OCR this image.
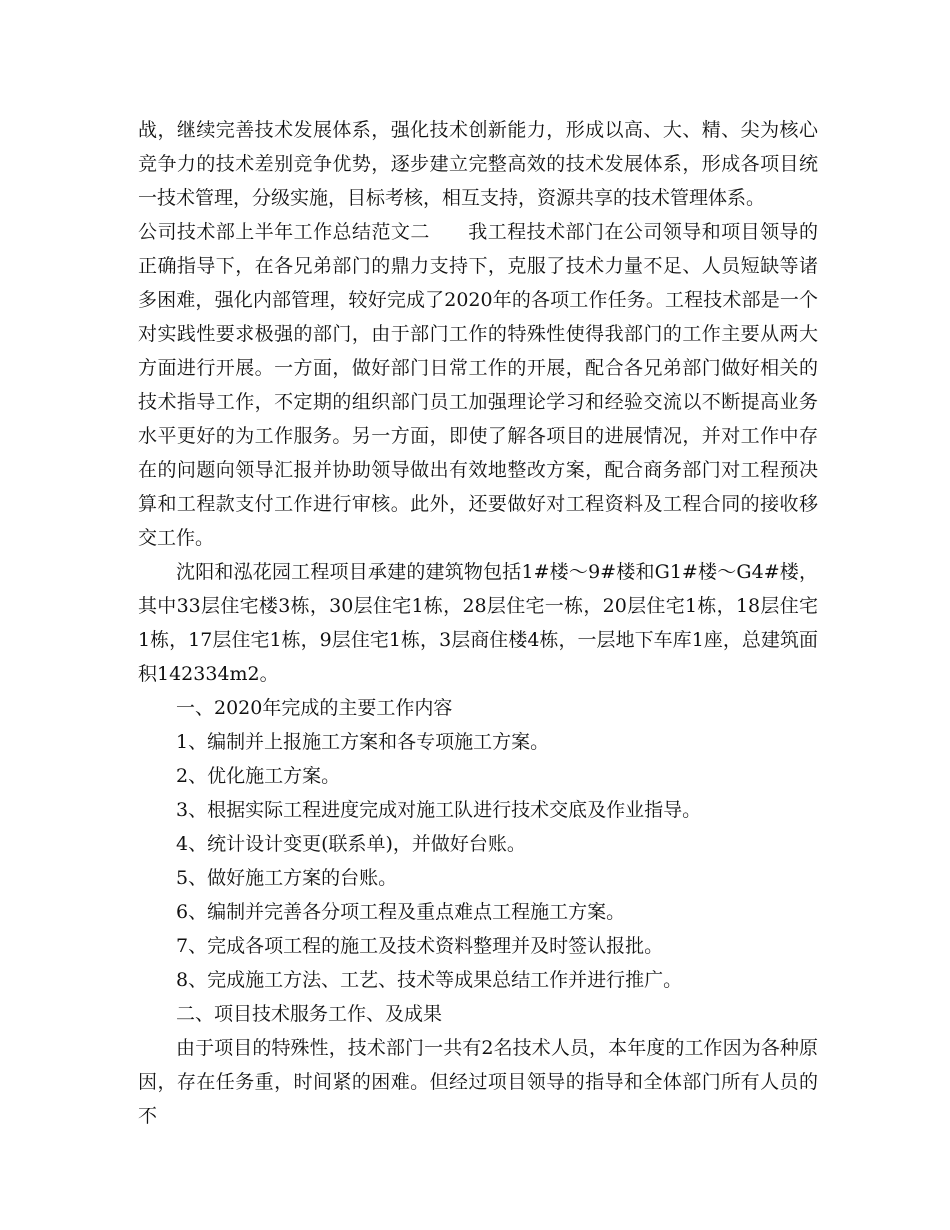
战，继续完善技术发展体系，强化技术创新能力，形成以高、大、精、尖为核心竞争力的技术差别竞争优势，逐步建立完整高效的技术发展体系，形成各项目统一技术管理，分级实施，目标考核，相互支持，资源共享的技术管理体系。

公司技术部上半年工作总结范文二 我工程技术部门在公司领导和项目领导的正确指导下，在各兄弟部门的鼎力支持下，克服了技术力量不足、人员短缺等诸多困难，强化内部管理，较好完成了2020年的各项工作任务。工程技术部是一个对实践性要求极强的部门，由于部门工作的特殊性使得我部门的工作主要从两大方面进行开展。一方面，做好部门日常工作的开展，配合各兄弟部门做好相关的技术指导工作，不定期的组织部门员工加强理论学习和经验交流以不断提高业务水平更好的为工作服务。另一方面，即使了解各项目的进展情况，并对工作中存在的问题向领导汇报并协助领导做出有效地整改方案，配合商务部门对工程预决算和工程款支付工作进行审核。此外，还要做好对工程资料及工程合同的接收移交工作。

沈阳和泓花园工程项目承建的建筑物包括1#楼～9#楼和G1#楼～G4#楼，其中33层住宅楼3栋，30层住宅1栋，28层住宅一栋，20层住宅1栋，18层住宅1栋，17层住宅1栋，9层住宅1栋，3层商住楼4栋，一层地下车库1座，总建筑面积142334m2。

一、2020年完成的主要工作内容

1、编制并上报施工方案和各专项施工方案。

2、优化施工方案。

3、根据实际工程进度完成对施工队进行技术交底及作业指导。

4、统计设计变更(联系单)，并做好台账。

5、做好施工方案的台账。

6、编制并完善各分项工程及重点难点工程施工方案。

7、完成各项工程的施工及技术资料整理并及时签认报批。

8、完成施工方法、工艺、技术等成果总结工作并进行推广。

二、项目技术服务工作、及成果

由于项目的特殊性，技术部门一共有2名技术人员，本年度的工作因为各种原因，存在任务重，时间紧的困难。但经过项目领导的指导和全体部门所有人员的不
